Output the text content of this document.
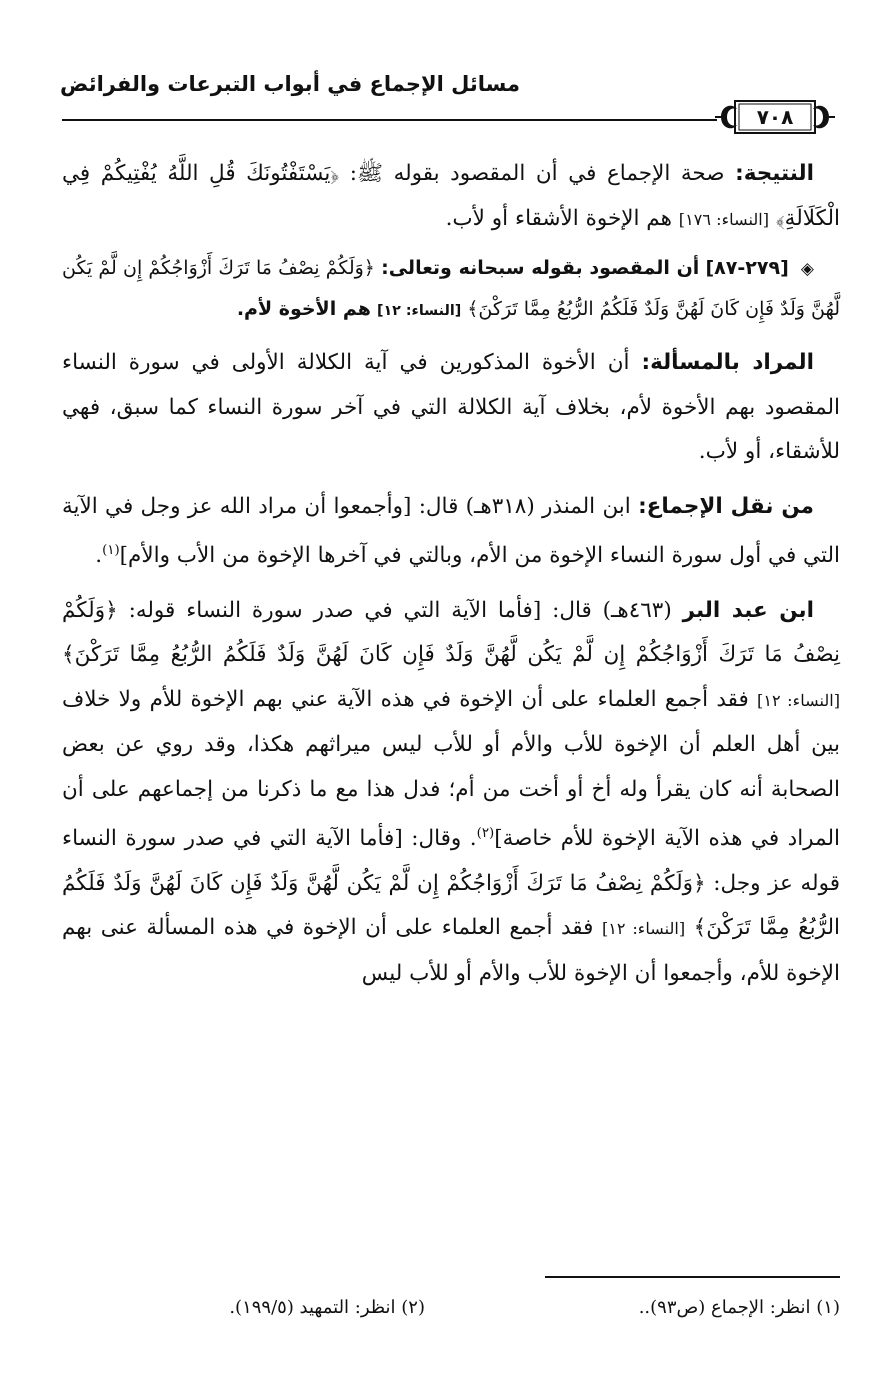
مسائل الإجماع في أبواب التبرعات والفرائض
٧٠٨

النتيجة: صحة الإجماع في أن المقصود بقوله ﷺ: ﴿يَسْتَفْتُونَكَ قُلِ اللَّهُ يُفْتِيكُمْ فِي الْكَلَالَةِ﴾ [النساء: ١٧٦] هم الإخوة الأشقاء أو لأب.

◈ [٢٧٩-٨٧] أن المقصود بقوله سبحانه وتعالى: ﴿وَلَكُمْ نِصْفُ مَا تَرَكَ أَزْوَاجُكُمْ إِن لَّمْ يَكُن لَّهُنَّ وَلَدٌ فَإِن كَانَ لَهُنَّ وَلَدٌ فَلَكُمُ الرُّبُعُ مِمَّا تَرَكْنَ﴾ [النساء: ١٢] هم الأخوة لأم.

المراد بالمسألة: أن الأخوة المذكورين في آية الكلالة الأولى في سورة النساء المقصود بهم الأخوة لأم، بخلاف آية الكلالة التي في آخر سورة النساء كما سبق، فهي للأشقاء، أو لأب.

من نقل الإجماع: ابن المنذر (٣١٨هـ) قال: [وأجمعوا أن مراد الله عز وجل في الآية التي في أول سورة النساء الإخوة من الأم، وبالتي في آخرها الإخوة من الأب والأم]$^{(١)}$.

ابن عبد البر (٤٦٣هـ) قال: [فأما الآية التي في صدر سورة النساء قوله: ﴿وَلَكُمْ نِصْفُ مَا تَرَكَ أَزْوَاجُكُمْ إِن لَّمْ يَكُن لَّهُنَّ وَلَدٌ فَإِن كَانَ لَهُنَّ وَلَدٌ فَلَكُمُ الرُّبُعُ مِمَّا تَرَكْنَ﴾ [النساء: ١٢] فقد أجمع العلماء على أن الإخوة في هذه الآية عني بهم الإخوة للأم ولا خلاف بين أهل العلم أن الإخوة للأب والأم أو للأب ليس ميراثهم هكذا، وقد روي عن بعض الصحابة أنه كان يقرأ وله أخ أو أخت من أم؛ فدل هذا مع ما ذكرنا من إجماعهم على أن المراد في هذه الآية الإخوة للأم خاصة]$^{(٢)}$. وقال: [فأما الآية التي في صدر سورة النساء قوله عز وجل: ﴿وَلَكُمْ نِصْفُ مَا تَرَكَ أَزْوَاجُكُمْ إِن لَّمْ يَكُن لَّهُنَّ وَلَدٌ فَإِن كَانَ لَهُنَّ وَلَدٌ فَلَكُمُ الرُّبُعُ مِمَّا تَرَكْنَ﴾ [النساء: ١٢] فقد أجمع العلماء على أن الإخوة في هذه المسألة عنى بهم الإخوة للأم، وأجمعوا أن الإخوة للأب والأم أو للأب ليس

(١) انظر: الإجماع (ص٩٣)..
(٢) انظر: التمهيد (١٩٩/٥).
